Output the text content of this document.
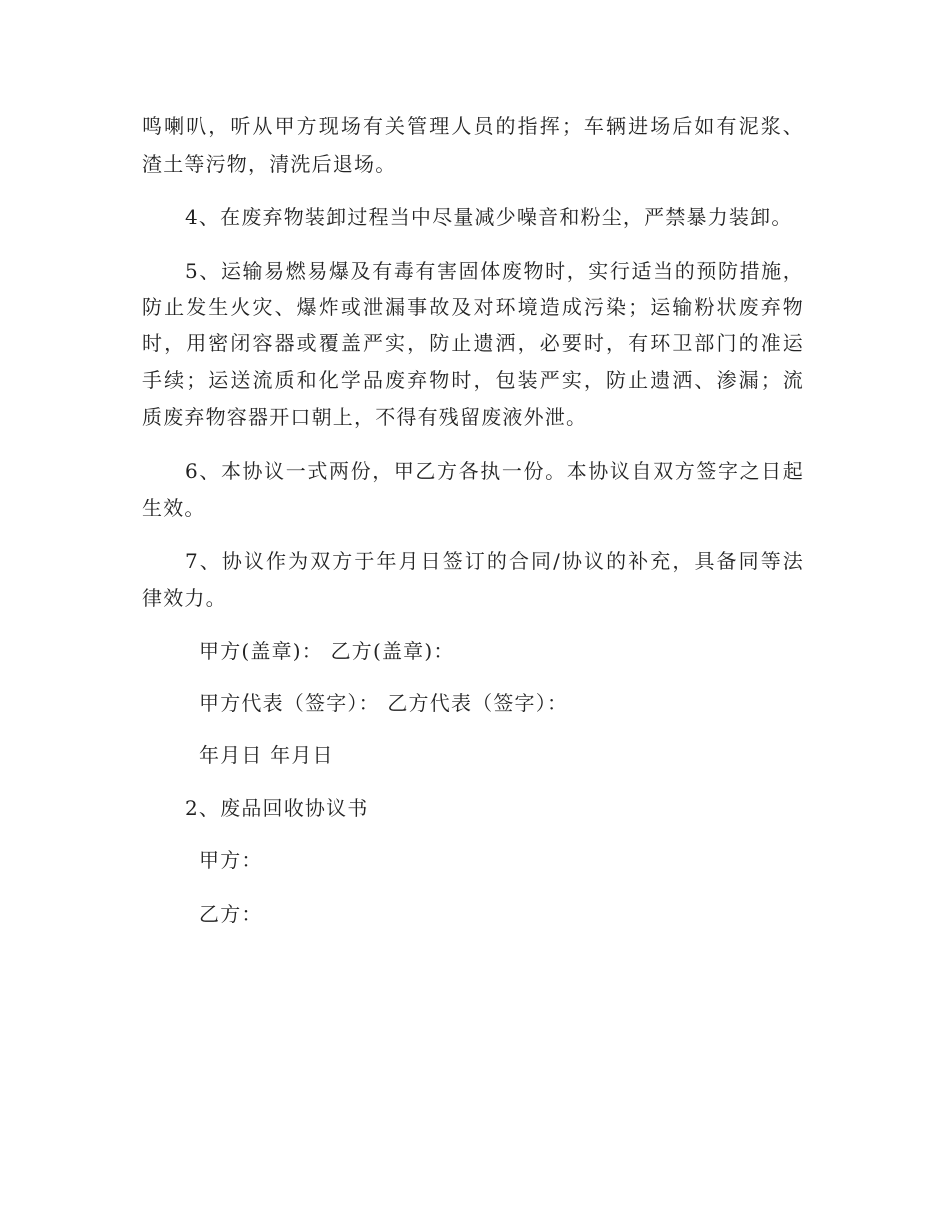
鸣喇叭，听从甲方现场有关管理人员的指挥；车辆进场后如有泥浆、
渣土等污物，清洗后退场。
4、在废弃物装卸过程当中尽量减少噪音和粉尘，严禁暴力装卸。
5、运输易燃易爆及有毒有害固体废物时，实行适当的预防措施，
防止发生火灾、爆炸或泄漏事故及对环境造成污染；运输粉状废弃物
时，用密闭容器或覆盖严实，防止遗洒，必要时，有环卫部门的准运
手续；运送流质和化学品废弃物时，包装严实，防止遗洒、渗漏；流
质废弃物容器开口朝上，不得有残留废液外泄。
6、本协议一式两份，甲乙方各执一份。本协议自双方签字之日起
生效。
7、协议作为双方于年月日签订的合同/协议的补充，具备同等法
律效力。
甲方(盖章)： 乙方(盖章)：
甲方代表（签字）： 乙方代表（签字）：
年月日 年月日
2、废品回收协议书
甲方：
乙方：
